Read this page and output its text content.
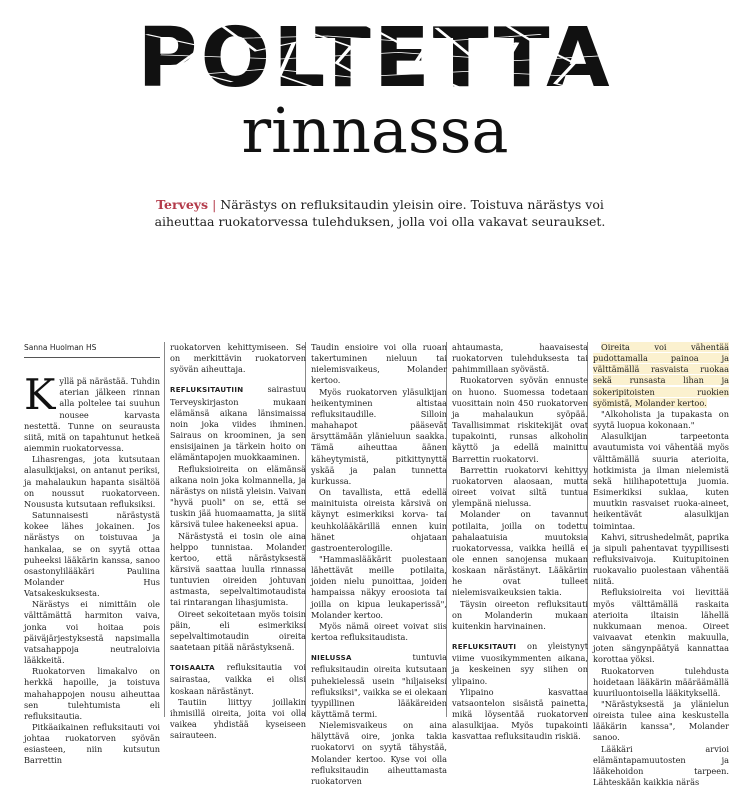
POLTETTA
rinnassa
Terveys | Närästys on refluksitaudin yleisin oire. Toistuva närästys voi aiheuttaa ruokatorvessa tulehduksen, jolla voi olla vakavat seuraukset.
Sanna Huolman HS

Kyllä pä närästää. Tuhdin aterian jälkeen rinnan alla poltelee tai suuhun nousee karvasta nestettä. Tunne on seurausta siitä, mitä on tapahtunut hetkeä aiemmin ruokatorvessa.

Lihasrengas, jota kutsutaan alasulkijaksi, on antanut periksi, ja mahalaukun hapanta sisältöä on noussut ruokatorveen. Noususta kutsutaan refluksiksi.

Satunnaisesti närästystä kokee lähes jokainen. Jos närästys on toistuvaa ja hankalaa, se on syytä ottaa puheeksi lääkärin kanssa, sanoo osastonylilääkäri Pauliina Molander Hus Vatsakeskuksesta.

Närästys ei nimittäin ole välttämättä harmiton vaiva, jonka voi hoitaa pois päiväjärjestyksestä napsimalla vatsahappoja neutraloivia lääkkeitä.

Ruokatorven limakalvo on herkkä hapoille, ja toistuva mahahappojen nousu aiheuttaa sen tulehtumista eli refluksitautia.

Pitkäaikainen refluksitauti voi johtaa ruokatorven syövän esiasteen, niin kutsutun Barrettin

ruokatorven kehittymiseen. Se on merkittävin ruokatorven syövän aiheuttaja.

REFLUKSITAUTIIN sairastuu Terveyskirjaston mukaan elämänsä aikana länsimaissa noin joka viides ihminen. Sairaus on kroominen, ja sen ensisijainen ja tärkein hoito on elämäntapojen muokkaaminen.

Refluksioireita on elämänsä aikana noin joka kolmannella, ja närästys on niistä yleisin. Vaivan "hyvä puoli" on se, että se tuskin jää huomaamatta, ja siitä kärsivä tulee hakeneeksi apua.

Närästystä ei tosin ole aina helppo tunnistaa. Molander kertoo, että närästyksestä kärsivä saattaa luulla rinnassa tuntuvien oireiden johtuvan astmasta, sepelvaltimotaudista tai rintarangan lihasjumista.

Oireet sekoitetaan myös toisin päin, eli esimerkiksi sepelvaltimotaudin oireita saatetaan pitää närästyksenä.

TOISAALTA refluksitautia voi sairastaa, vaikka ei olisi koskaan närästänyt.

Tautiin liittyy joillakin ihmisillä oireita, joita voi olla vaikea yhdistää kyseiseen sairauteen.

Taudin ensioire voi olla ruoan takertuminen nieluun tai nielemisvaikeus, Molander kertoo.

Myös ruokatorven yläsulkijan heikentyminen altistaa refluksitaudille. Silloin mahahapot pääsevät ärsyttämään ylänieluun saakka. Tämä aiheuttaa äänen käheytymistä, pitkittynyttä yskää ja palan tunnetta kurkussa.

On tavallista, että edellä mainituista oireista kärsivä on käynyt esimerkiksi korva- tai keuhkolääkärillä ennen kuin hänet ohjataan gastroenterologille.

"Hammaslääkärit puolestaan lähettävät meille potilaita, joiden nielu punoittaa, joiden hampaissa näkyy eroosiota tai joilla on kipua leukaperissä", Molander kertoo.

Myös nämä oireet voivat siis kertoa refluksitaudista.

NIELUSSA tuntuvia refluksitaudin oireita kutsutaan puhekielessä usein "hiljaiseksi refluksiksi", vaikka se ei olekaan tyypillinen lääkäreiden käyttämä termi.

Nielemisvaikeus on aina hälyttävä oire, jonka takia ruokatorvi on syytä tähystää, Molander kertoo. Kyse voi olla refluksitaudin aiheuttamasta ruokatorven

ahtaumasta, haavaisesta ruokatorven tulehduksesta tai pahimmillaan syövästä.

Ruokatorven syövän ennuste on huono. Suomessa todetaan vuosittain noin 450 ruokatorven ja mahalaukun syöpää. Tavallisimmat riskitekijät ovat tupakointi, runsas alkoholin käyttö ja edellä mainittu Barrettin ruokatorvi.

Barrettin ruokatorvi kehittyy ruokatorven alaosaan, mutta oireet voivat siltä tuntua ylempänä nielussa.

Molander on tavannut potilaita, joilla on todettu pahalaatuisia muutoksia ruokatorvessa, vaikka heillä ei ole ennen sanojensa mukaan koskaan närästänyt. Lääkäriin he ovat tulleet nielemisvaikeuksien takia.

Täysin oireeton refluksitauti on Molanderin mukaan kuitenkin harvinainen.

REFLUKSITAUTI on yleistynyt viime vuosikymmenten aikana, ja keskeinen syy siihen on ylipaino.

Ylipaino kasvattaa vatsaontelon sisäistä painetta, mikä löysentää ruokatorven alasulkijaa. Myös tupakointi kasvattaa refluksitaudin riskiä.

Oireita voi vähentää pudottamalla painoa ja välttämällä rasvaista ruokaa sekä runsasta lihan ja sokeripitoisten ruokien syömistä, Molander kertoo.

"Alkoholista ja tupakasta on syytä luopua kokonaan."

Alasulkijan tarpeetonta avautumista voi vähentää myös välttämällä suuria aterioita, hotkimista ja ilman nielemistä sekä hiilihapotettuja juomia. Esimerkiksi suklaa, kuten muutkin rasvaiset ruoka-aineet, heikentävät alasulkijan toimintaa.

Kahvi, sitrushedelmät, paprika ja sipuli pahentavat tyypillisesti refluksivaivoja. Kuitupitoinen ruokavalio puolestaan vähentää niitä.

Refluksioireita voi lievittää myös välttämällä raskaita aterioita iltaisin lähellä nukkumaan menoa. Oireet vaivaavat etenkin makuulla, joten sängynpäätyä kannattaa korottaa yöksi.

Ruokatorven tulehdusta hoidetaan lääkärin määräämällä kuuriluontoisella lääkityksellä.

"Närästyksestä ja ylänielun oireista tulee aina keskustella lääkärin kanssa", Molander sanoo.

Lääkäri arvioi elämäntapamuutosten ja lääkehoidon tarpeen. Lähteskään kaikkia näräs
